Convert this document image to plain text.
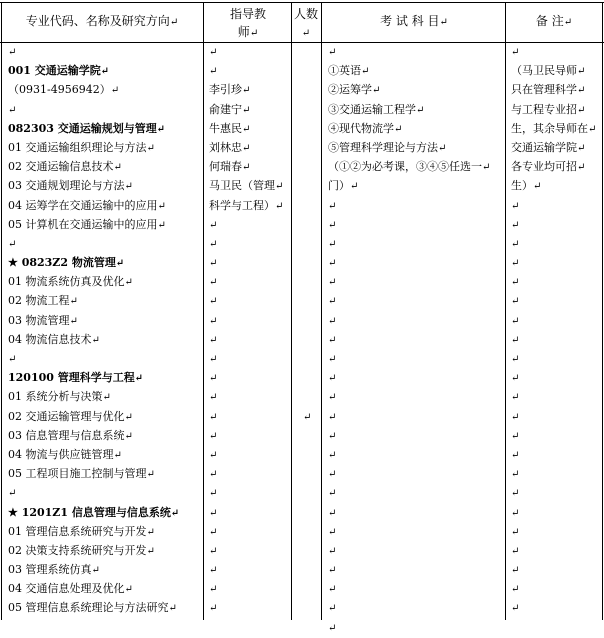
专业代码、名称及研究方向↵
指导教师↵
人数↵
考 试 科 目↵	备 注↵
↵
001 交通运输学院↵
（0931-4956942）↵
↵
082303 交通运输规划与管理↵
01 交通运输组织理论与方法↵
02 交通运输信息技术↵
03 交通规划理论与方法↵
04 运筹学在交通运输中的应用↵
05 计算机在交通运输中的应用↵
↵
★ 0823Z2 物流管理↵
01 物流系统仿真及优化↵
02 物流工程↵
03 物流管理↵
04 物流信息技术↵
↵
120100 管理科学与工程↵
01 系统分析与决策↵
02 交通运输管理与优化↵
03 信息管理与信息系统↵
04 物流与供应链管理↵
05 工程项目施工控制与管理↵
↵
★ 1201Z1 信息管理与信息系统↵
01 管理信息系统研究与开发↵
02 决策支持系统研究与开发↵
03 管理系统仿真↵
04 交通信息处理及优化↵
05 管理信息系统理论与方法研究↵
↵
↵
李引珍↵
俞建宁↵
牛惠民↵
刘林忠↵
何瑞春↵
马卫民（管理↵
科学与工程）↵
↵
↵
↵
↵
↵
↵
↵
↵
↵
↵
↵
↵
↵
↵
↵
↵
↵
↵
↵
↵
↵
↵
↵
①英语↵
②运筹学↵
③交通运输工程学↵
④现代物流学↵
⑤管理科学理论与方法↵
（①②为必考课，③④⑤任选一↵
门）↵
↵
↵
↵
↵
↵
↵
↵
↵
↵
↵
↵
↵
↵
↵
↵
↵
↵
↵
↵
↵
↵
↵
↵
↵
（马卫民导师↵
只在管理科学↵
与工程专业招↵
生，其余导师在↵
交通运输学院↵
各专业均可招↵
生）↵
↵
↵
↵
↵
↵
↵
↵
↵
↵
↵
↵
↵
↵
↵
↵
↵
↵
↵
↵
↵
↵
↵
